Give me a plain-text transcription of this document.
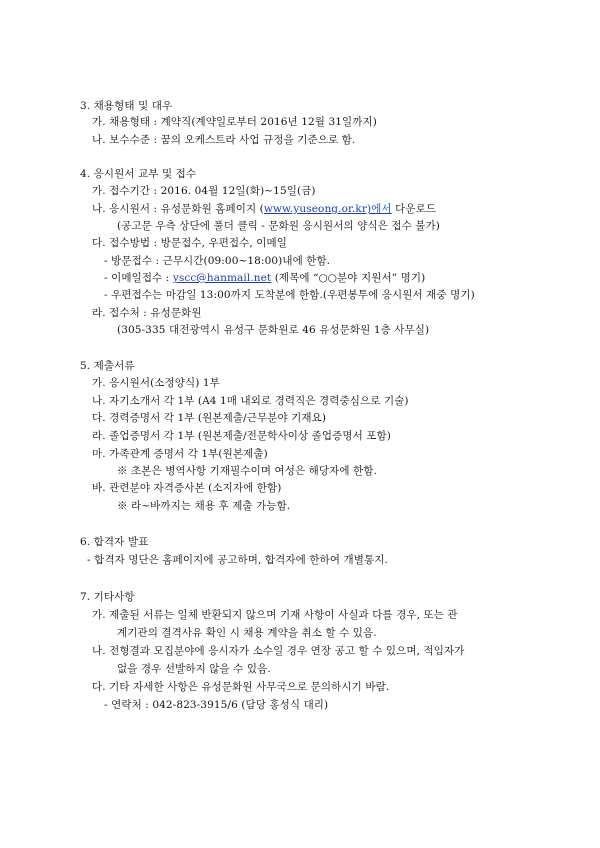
3. 채용형태 및 대우
가. 채용형태 : 계약직(계약일로부터 2016년 12월 31일까지)
나. 보수수준 : 꿈의 오케스트라 사업 규정을 기준으로 함.
4. 응시원서 교부 및 접수
가. 접수기간 : 2016. 04월 12일(화)~15일(금)
나. 응시원서 : 유성문화원 홈페이지 (www.yuseong.or.kr)에서 다운로드
(공고문 우측 상단에 풀더 클릭 - 문화원 응시원서의 양식은 접수 불가)
다. 접수방법 : 방문접수, 우편접수, 이메일
- 방문접수 : 근무시간(09:00~18:00)내에 한함.
- 이메일접수 : yscc@hanmail.net (제목에 “○○분야 지원서” 명기)
- 우편접수는 마감일 13:00까지 도착분에 한함.(우편봉투에 응시원서 재중 명기)
라. 접수처 : 유성문화원
(305-335 대전광역시 유성구 문화원로 46 유성문화원 1층 사무실)
5. 제출서류
가. 응시원서(소정양식) 1부
나. 자기소개서 각 1부 (A4 1매 내외로 경력직은 경력중심으로 기술)
다. 경력증명서 각 1부 (원본제출/근무분야 기재요)
라. 졸업증명서 각 1부 (원본제출/전문학사이상 졸업증명서 포함)
마. 가족관계 증명서 각 1부(원본제출)
※ 초본은 병역사항 기재필수이며 여성은 해당자에 한함.
바. 관련분야 자격증사본 (소지자에 한함)
※ 라~바까지는 채용 후 제출 가능함.
6. 합격자 발표
- 합격자 명단은 홈페이지에 공고하며, 합격자에 한하여 개별통지.
7. 기타사항
가. 제출된 서류는 일체 반환되지 않으며 기재 사항이 사실과 다를 경우, 또는 관
계기관의 결격사유 확인 시 채용 계약을 취소 할 수 있음.
나. 전형결과 모집분야에 응시자가 소수일 경우 연장 공고 할 수 있으며, 적임자가
없을 경우 선발하지 않을 수 있음.
다. 기타 자세한 사항은 유성문화원 사무국으로 문의하시기 바람.
- 연락처 : 042-823-3915/6 (담당 홍성식 대리)
